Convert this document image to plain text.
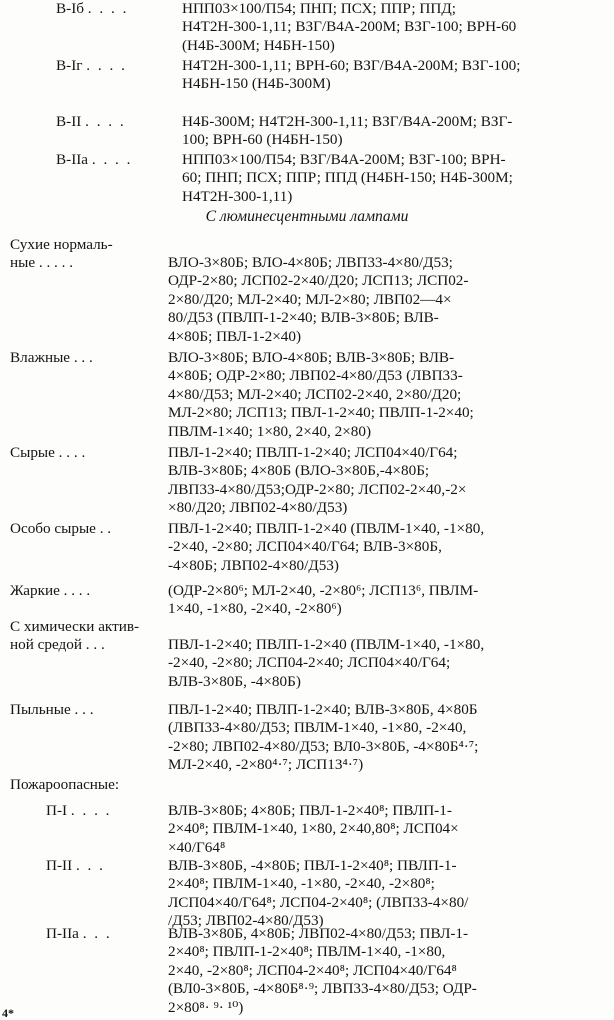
В-Iб . . . .	НПП03×100/П54; ПНП; ПСХ; ППР; ППД;
Н4Т2Н-300-1,11; ВЗГ/В4А-200М; ВЗГ-100; ВРН-60
(Н4Б-300М; Н4БН-150)
В-Iг . . . .	Н4Т2Н-300-1,11; ВРН-60; ВЗГ/В4А-200М; ВЗГ-100;
Н4БН-150 (Н4Б-300М)
В-II . . . .	Н4Б-300М; Н4Т2Н-300-1,11; ВЗГ/В4А-200М; ВЗГ-
100; ВРН-60 (Н4БН-150)
В-IIа . . . .	НПП03×100/П54; ВЗГ/В4А-200М; ВЗГ-100; ВРН-
60; ПНП; ПСХ; ППР; ППД (Н4БН-150; Н4Б-300М;
Н4Т2Н-300-1,11)
С люминесцентными лампами
Сухие нормаль-
ные . . . . .	ВЛО-3×80Б; ВЛО-4×80Б; ЛВП33-4×80/Д53;
ОДР-2×80; ЛСП02-2×40/Д20; ЛСП13; ЛСП02-
2×80/Д20; МЛ-2×40; МЛ-2×80; ЛВП02—4×
80/Д53 (ПВЛП-1-2×40; ВЛВ-3×80Б; ВЛВ-
4×80Б; ПВЛ-1-2×40)
Влажные . . .	ВЛО-3×80Б; ВЛО-4×80Б; ВЛВ-3×80Б; ВЛВ-
4×80Б; ОДР-2×80; ЛВП02-4×80/Д53 (ЛВП33-
4×80/Д53; МЛ-2×40; ЛСП02-2×40, 2×80/Д20;
МЛ-2×80; ЛСП13; ПВЛ-1-2×40; ПВЛП-1-2×40;
ПВЛМ-1×40; 1×80, 2×40, 2×80)
Сырые . . . .	ПВЛ-1-2×40; ПВЛП-1-2×40; ЛСП04×40/Г64;
ВЛВ-3×80Б; 4×80Б (ВЛО-3×80Б,-4×80Б;
ЛВП33-4×80/Д53;ОДР-2×80; ЛСП02-2×40,-2×
×80/Д20; ЛВП02-4×80/Д53)
Особо сырые . .	ПВЛ-1-2×40; ПВЛП-1-2×40 (ПВЛМ-1×40, -1×80,
-2×40, -2×80; ЛСП04×40/Г64; ВЛВ-3×80Б,
-4×80Б; ЛВП02-4×80/Д53)
Жаркие . . . .	(ОДР-2×80⁶; МЛ-2×40, -2×80⁶; ЛСП13⁶, ПВЛМ-
1×40, -1×80, -2×40, -2×80⁶)
С химически актив-
ной средой . . .	ПВЛ-1-2×40; ПВЛП-1-2×40 (ПВЛМ-1×40, -1×80,
-2×40, -2×80; ЛСП04-2×40; ЛСП04×40/Г64;
ВЛВ-3×80Б, -4×80Б)
Пыльные . . .	ПВЛ-1-2×40; ПВЛП-1-2×40; ВЛВ-3×80Б, 4×80Б
(ЛВП33-4×80/Д53; ПВЛМ-1×40, -1×80, -2×40,
-2×80; ЛВП02-4×80/Д53; ВЛ0-3×80Б, -4×80Б⁴·⁷;
МЛ-2×40, -2×80⁴·⁷; ЛСП13⁴·⁷)
Пожароопасные:
П-I . . . .	ВЛВ-3×80Б; 4×80Б; ПВЛ-1-2×40⁸; ПВЛП-1-
2×40⁸; ПВЛМ-1×40, 1×80, 2×40,80⁸; ЛСП04×
×40/Г64⁸
П-II . . .	ВЛВ-3×80Б, -4×80Б; ПВЛ-1-2×40⁸; ПВЛП-1-
2×40⁸; ПВЛМ-1×40, -1×80, -2×40, -2×80⁸;
ЛСП04×40/Г64⁸; ЛСП04-2×40⁸; (ЛВП33-4×80/
/Д53; ЛВП02-4×80/Д53)
П-IIа . . .	ВЛВ-3×80Б, 4×80Б; ЛВП02-4×80/Д53; ПВЛ-1-
2×40⁸; ПВЛП-1-2×40⁸; ПВЛМ-1×40, -1×80,
2×40, -2×80⁸; ЛСП04-2×40⁸; ЛСП04×40/Г64⁸
(ВЛ0-3×80Б, -4×80Б⁸·⁹; ЛВП33-4×80/Д53; ОДР-
2×80⁸· ⁹· ¹⁰)
4*
